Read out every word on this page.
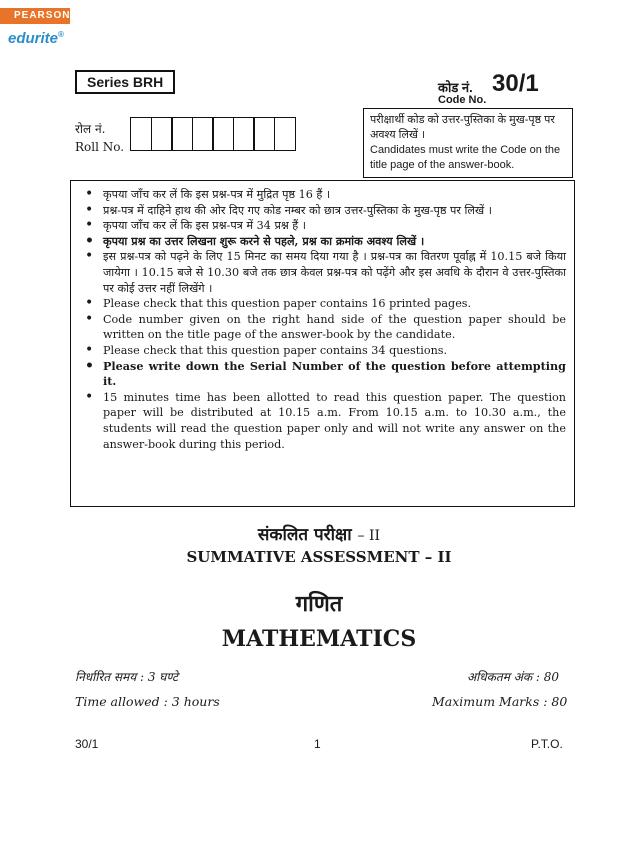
PEARSON
edurite®
Series BRH	कोड नं. 30/1
Code No.
रोल नं.
Roll No.
परीक्षार्थी कोड को उत्तर-पुस्तिका के मुख-पृष्ठ पर अवश्य लिखें ।
Candidates must write the Code on the title page of the answer-book.
• कृपया जाँच कर लें कि इस प्रश्न-पत्र में मुद्रित पृष्ठ 16 हैं ।
• प्रश्न-पत्र में दाहिने हाथ की ओर दिए गए कोड नम्बर को छात्र उत्तर-पुस्तिका के मुख-पृष्ठ पर लिखें ।
• कृपया जाँच कर लें कि इस प्रश्न-पत्र में 34 प्रश्न हैं ।
• कृपया प्रश्न का उत्तर लिखना शुरू करने से पहले, प्रश्न का क्रमांक अवश्य लिखें ।
• इस प्रश्न-पत्र को पढ़ने के लिए 15 मिनट का समय दिया गया है । प्रश्न-पत्र का वितरण पूर्वाह्न में 10.15 बजे किया जायेगा । 10.15 बजे से 10.30 बजे तक छात्र केवल प्रश्न-पत्र को पढ़ेंगे और इस अवधि के दौरान वे उत्तर-पुस्तिका पर कोई उत्तर नहीं लिखेंगे ।
• Please check that this question paper contains 16 printed pages.
• Code number given on the right hand side of the question paper should be written on the title page of the answer-book by the candidate.
• Please check that this question paper contains 34 questions.
• Please write down the Serial Number of the question before attempting it.
• 15 minutes time has been allotted to read this question paper. The question paper will be distributed at 10.15 a.m. From 10.15 a.m. to 10.30 a.m., the students will read the question paper only and will not write any answer on the answer-book during this period.
संकलित परीक्षा – II
SUMMATIVE ASSESSMENT – II
गणित
MATHEMATICS
निर्धारित समय : 3 घण्टे	अधिकतम अंक : 80
Time allowed : 3 hours	Maximum Marks : 80
30/1	1	P.T.O.
